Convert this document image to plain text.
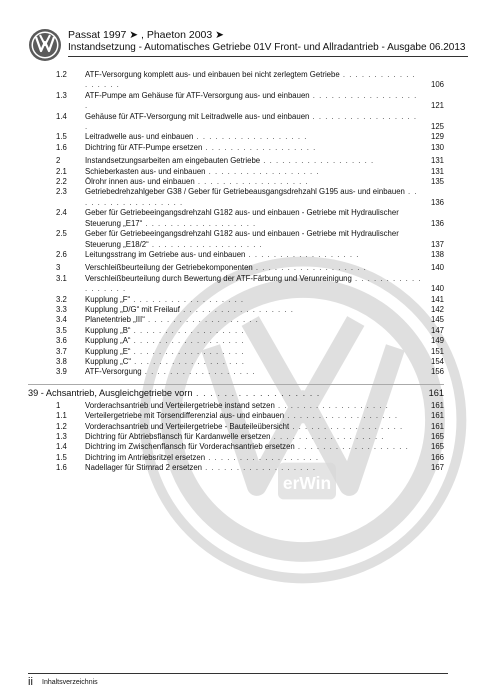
Passat 1997 ➤ , Phaeton 2003 ➤
Instandsetzung - Automatisches Getriebe 01V Front- und Allradantrieb - Ausgabe 06.2013
erWin
1.2	ATF-Versorgung komplett aus- und einbauen bei nicht zerlegtem Getriebe . . . . . . . . . . . . . . . . . .	106
1.3	ATF-Pumpe am Gehäuse für ATF-Versorgung aus- und einbauen . . . . . . . . . . . . . . . . . .	121
1.4	Gehäuse für ATF-Versorgung mit Leitradwelle aus- und einbauen . . . . . . . . . . . . . . . . . .	125
1.5	Leitradwelle aus- und einbauen . . . . . . . . . . . . . . . . . .	129
1.6	Dichtring für ATF-Pumpe ersetzen . . . . . . . . . . . . . . . . . .	130
2	Instandsetzungsarbeiten am eingebauten Getriebe . . . . . . . . . . . . . . . . . .	131
2.1	Schieberkasten aus- und einbauen . . . . . . . . . . . . . . . . . .	131
2.2	Ölrohr innen aus- und einbauen . . . . . . . . . . . . . . . . . .	135
2.3	Getriebedrehzahlgeber G38 / Geber für Getriebeausgangsdrehzahl G195 aus- und einbauen . . . . . . . . . . . . . . . . . .	136
2.4	Geber für Getriebeeingangsdrehzahl G182 aus- und einbauen - Getriebe mit Hydraulischer Steuerung „E17“ . . . . . . . . . . . . . . . . . .	136
2.5	Geber für Getriebeeingangsdrehzahl G182 aus- und einbauen - Getriebe mit Hydraulischer Steuerung „E18/2“ . . . . . . . . . . . . . . . . . .	137
2.6	Leitungsstrang im Getriebe aus- und einbauen . . . . . . . . . . . . . . . . . .	138
3	Verschleißbeurteilung der Getriebekomponenten . . . . . . . . . . . . . . . . . .	140
3.1	Verschleißbeurteilung durch Bewertung der ATF-Färbung und Verunreinigung . . . . . . . . . . . . . . . . . .	140
3.2	Kupplung „F“ . . . . . . . . . . . . . . . . . .	141
3.3	Kupplung „D/G“ mit Freilauf . . . . . . . . . . . . . . . . . .	142
3.4	Planetentrieb „III“ . . . . . . . . . . . . . . . . . .	145
3.5	Kupplung „B“ . . . . . . . . . . . . . . . . . .	147
3.6	Kupplung „A“ . . . . . . . . . . . . . . . . . .	149
3.7	Kupplung „E“ . . . . . . . . . . . . . . . . . .	151
3.8	Kupplung „C“ . . . . . . . . . . . . . . . . . .	154
3.9	ATF-Versorgung . . . . . . . . . . . . . . . . . .	156
39 - Achsantrieb, Ausgleichgetriebe vorn . . . . . . . . . . . . . . . . . .	161
1	Vorderachsantrieb und Verteilergetriebe instand setzen . . . . . . . . . . . . . . . . . .	161
1.1	Verteilergetriebe mit Torsendifferenzial aus- und einbauen . . . . . . . . . . . . . . . . . .	161
1.2	Vorderachsantrieb und Verteilergetriebe - Bauteileübersicht . . . . . . . . . . . . . . . . . .	161
1.3	Dichtring für Abtriebsflansch für Kardanwelle ersetzen . . . . . . . . . . . . . . . . . .	165
1.4	Dichtring im Zwischenflansch für Vorderachsantrieb ersetzen . . . . . . . . . . . . . . . . . .	165
1.5	Dichtring im Antriebsritzel ersetzen . . . . . . . . . . . . . . . . . .	166
1.6	Nadellager für Stirnrad 2 ersetzen . . . . . . . . . . . . . . . . . .	167
ii Inhaltsverzeichnis
